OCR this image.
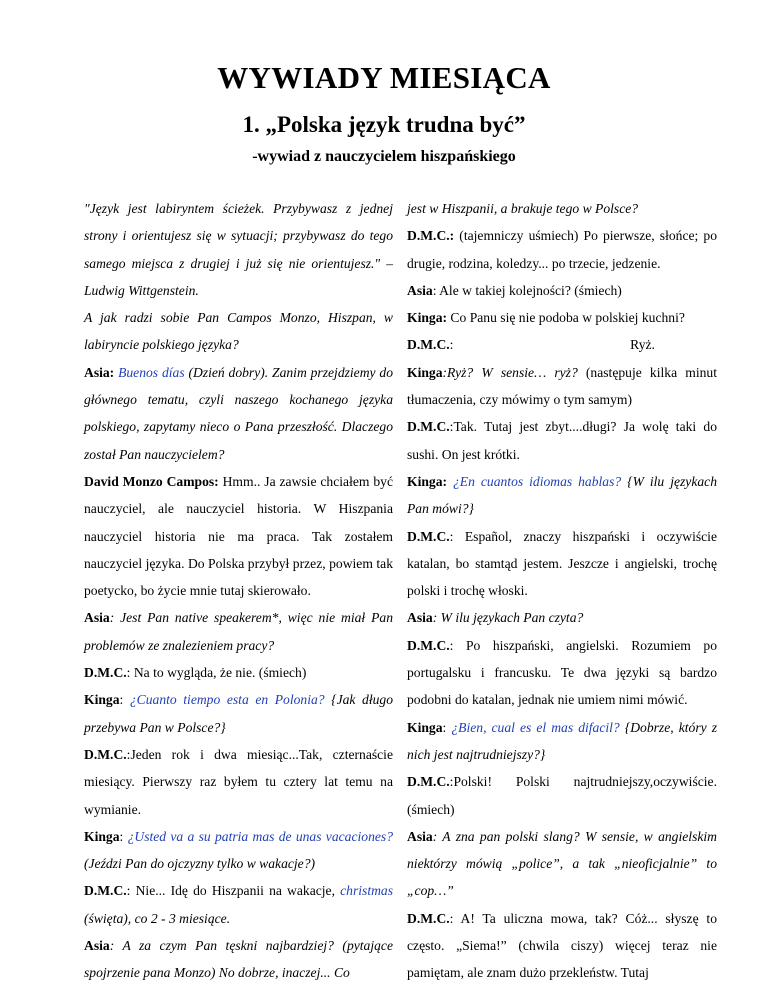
WYWIADY MIESIĄCA
1. „Polska język trudna być”
-wywiad z nauczycielem hiszpańskiego

"Język jest labiryntem ścieżek. Przybywasz z jednej strony i orientujesz się w sytuacji; przybywasz do tego samego miejsca z drugiej i już się nie orientujesz." – Ludwig Wittgenstein.

A jak radzi sobie Pan Campos Monzo, Hiszpan, w labiryncie polskiego języka?

Asia: Buenos días (Dzień dobry). Zanim przejdziemy do głównego tematu, czyli naszego kochanego języka polskiego, zapytamy nieco o Pana przeszłość. Dlaczego został Pan nauczycielem?

David Monzo Campos: Hmm.. Ja zawsie chciałem być nauczyciel, ale nauczyciel historia. W Hiszpania nauczyciel historia nie ma praca. Tak zostałem nauczyciel języka. Do Polska przybył przez, powiem tak poetycko, bo życie mnie tutaj skierowało.

Asia: Jest Pan native speakerem*, więc nie miał Pan problemów ze znalezieniem pracy?

D.M.C.: Na to wygląda, że nie. (śmiech)

Kinga: ¿Cuanto tiempo esta en Polonia? {Jak długo przebywa Pan w Polsce?}

D.M.C.:Jeden rok i dwa miesiąc...Tak, czternaście miesiący. Pierwszy raz byłem tu cztery lat temu na wymianie.

Kinga: ¿Usted va a su patria mas de unas vacaciones? (Jeździ Pan do ojczyzny tylko w wakacje?)

D.M.C.: Nie... Idę do Hiszpanii na wakacje, christmas (święta), co 2 - 3 miesiące.

Asia: A za czym Pan tęskni najbardziej? (pytające spojrzenie pana Monzo) No dobrze, inaczej... Co

jest w Hiszpanii, a brakuje tego w Polsce?

D.M.C.: (tajemniczy uśmiech) Po pierwsze, słońce; po drugie, rodzina, koledzy... po trzecie, jedzenie.

Asia: Ale w takiej kolejności? (śmiech)

Kinga: Co Panu się nie podoba w polskiej kuchni?

D.M.C.:                                                    Ryż.

Kinga:Ryż? W sensie… ryż? (następuje kilka minut tłumaczenia, czy mówimy o tym samym)

D.M.C.:Tak. Tutaj jest zbyt....długi? Ja wolę taki do sushi. On jest krótki.

Kinga: ¿En cuantos idiomas hablas? {W ilu językach Pan mówi?}

D.M.C.: Español, znaczy hiszpański i oczywiście katalan, bo stamtąd jestem. Jeszcze i angielski, trochę polski i trochę włoski.

Asia: W ilu językach Pan czyta?

D.M.C.: Po hiszpański, angielski. Rozumiem po portugalsku i francusku. Te dwa języki są bardzo podobni do katalan, jednak nie umiem nimi mówić.

Kinga: ¿Bien, cual es el mas difacil? {Dobrze, który z nich jest najtrudniejszy?}

D.M.C.:Polski! Polski najtrudniejszy,oczywiście. (śmiech)

Asia: A zna pan polski slang? W sensie, w angielskim niektórzy mówią „police”, a tak „nieoficjalnie” to „cop…”

D.M.C.: A! Ta uliczna mowa, tak? Cóż... słyszę to często. „Siema!” (chwila ciszy) więcej teraz nie pamiętam, ale znam dużo przekleństw. Tutaj
